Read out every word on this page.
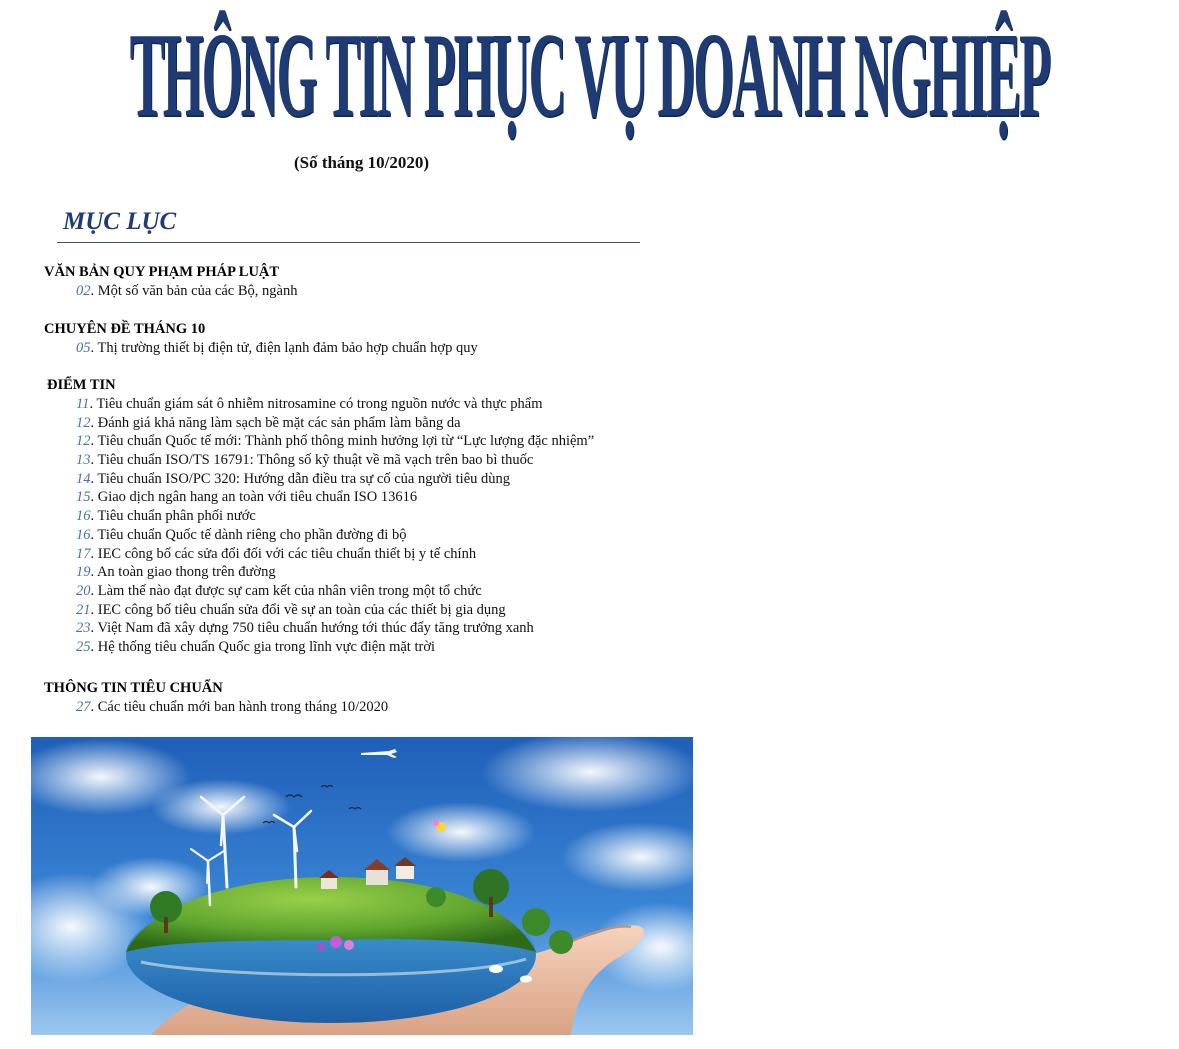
THÔNG TIN PHỤC VỤ DOANH NGHIỆP
(Số tháng 10/2020)
MỤC LỤC
VĂN BẢN QUY PHẠM PHÁP LUẬT
02. Một số văn bản của các Bộ, ngành
CHUYÊN ĐỀ THÁNG 10
05. Thị trường thiết bị điện tử, điện lạnh đảm bảo hợp chuẩn hợp quy
ĐIỂM TIN
11. Tiêu chuẩn giám sát ô nhiễm nitrosamine có trong nguồn nước và thực phẩm
12. Đánh giá khả năng làm sạch bề mặt các sản phẩm làm bằng da
12. Tiêu chuẩn Quốc tế mới: Thành phố thông minh hưởng lợi từ “Lực lượng đặc nhiệm”
13. Tiêu chuẩn ISO/TS 16791: Thông số kỹ thuật về mã vạch trên bao bì thuốc
14. Tiêu chuẩn ISO/PC 320: Hướng dẫn điều tra sự cố của người tiêu dùng
15. Giao dịch ngân hang an toàn với tiêu chuẩn ISO 13616
16. Tiêu chuẩn phân phối nước
16. Tiêu chuẩn Quốc tế dành riêng cho phần đường đi bộ
17. IEC công bố các sửa đổi đối với các tiêu chuẩn thiết bị y tế chính
19. An toàn giao thong trên đường
20. Làm thế nào đạt được sự cam kết của nhân viên trong một tổ chức
21. IEC công bố tiêu chuẩn sửa đổi về sự an toàn của các thiết bị gia dụng
23. Việt Nam đã xây dựng 750 tiêu chuẩn hướng tới thúc đẩy tăng trưởng xanh
25. Hệ thống tiêu chuẩn Quốc gia trong lĩnh vực điện mặt trời
THÔNG TIN TIÊU CHUẨN
27. Các tiêu chuẩn mới ban hành trong tháng 10/2020
